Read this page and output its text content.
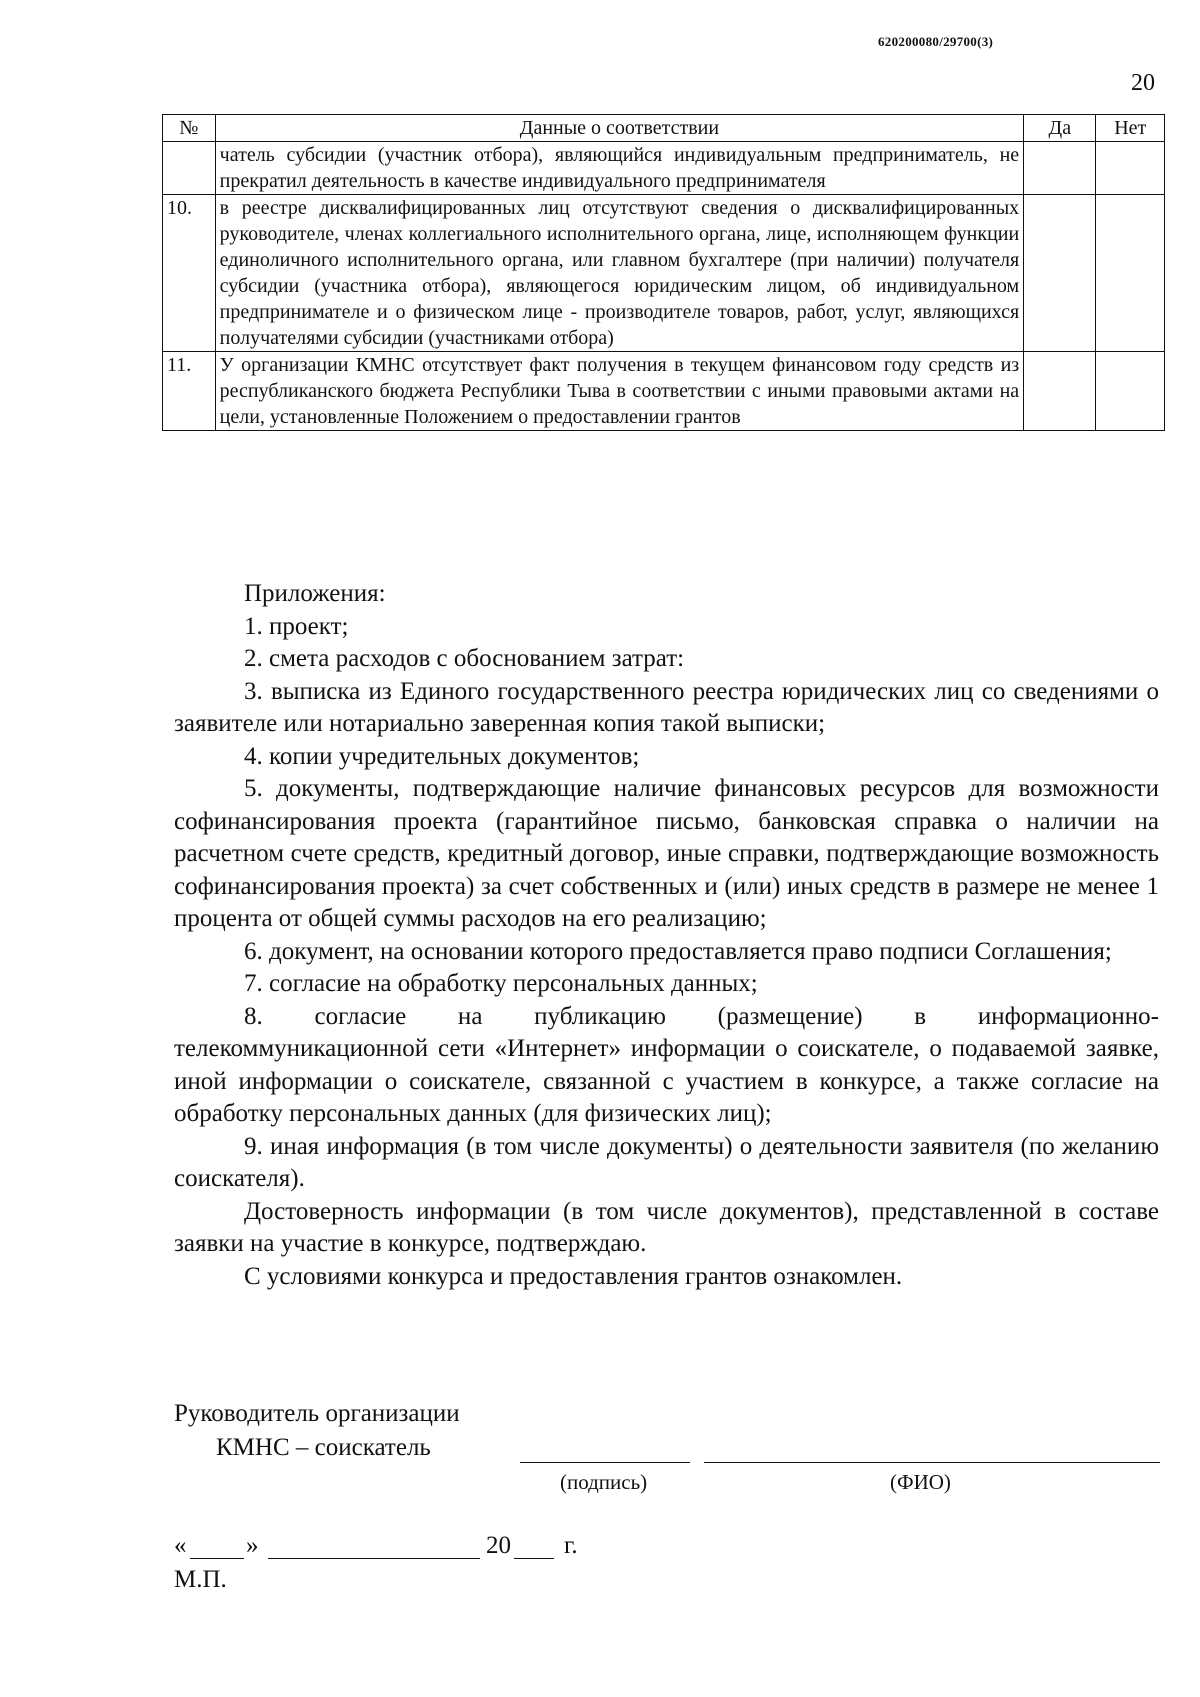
620200080/29700(3)
20
№	Данные о соответствии	Да	Нет
	чатель субсидии (участник отбора), являющийся индивидуальным предприниматель, не прекратил деятельность в качестве индивидуального предпринимателя		
10.	в реестре дисквалифицированных лиц отсутствуют сведения о дисквалифицированных руководителе, членах коллегиального исполнительного органа, лице, исполняющем функции единоличного исполнительного органа, или главном бухгалтере (при наличии) получателя субсидии (участника отбора), являющегося юридическим лицом, об индивидуальном предпринимателе и о физическом лице - производителе товаров, работ, услуг, являющихся получателями субсидии (участниками отбора)		
11.	У организации КМНС отсутствует факт получения в текущем финансовом году средств из республиканского бюджета Республики Тыва в соответствии с иными правовыми актами на цели, установленные Положением о предоставлении грантов		

Приложения:

1. проект;

2. смета расходов с обоснованием затрат:

3. выписка из Единого государственного реестра юридических лиц со сведениями о заявителе или нотариально заверенная копия такой выписки;

4. копии учредительных документов;

5. документы, подтверждающие наличие финансовых ресурсов для возможности софинансирования проекта (гарантийное письмо, банковская справка о наличии на расчетном счете средств, кредитный договор, иные справки, подтверждающие возможность софинансирования проекта) за счет собственных и (или) иных средств в размере не менее 1 процента от общей суммы расходов на его реализацию;

6. документ, на основании которого предоставляется право подписи Соглашения;

7. согласие на обработку персональных данных;

8. согласие на публикацию (размещение) в информационно-

телекоммуникационной сети «Интернет» информации о соискателе, о подаваемой заявке, иной информации о соискателе, связанной с участием в конкурсе, а также согласие на обработку персональных данных (для физических лиц);

9. иная информация (в том числе документы) о деятельности заявителя (по желанию соискателя).

Достоверность информации (в том числе документов), представленной в составе заявки на участие в конкурсе, подтверждаю.

С условиями конкурса и предоставления грантов ознакомлен.

Руководитель организации
КМНС – соискатель
(подпись)	(ФИО)
« »	20 г.
М.П.
